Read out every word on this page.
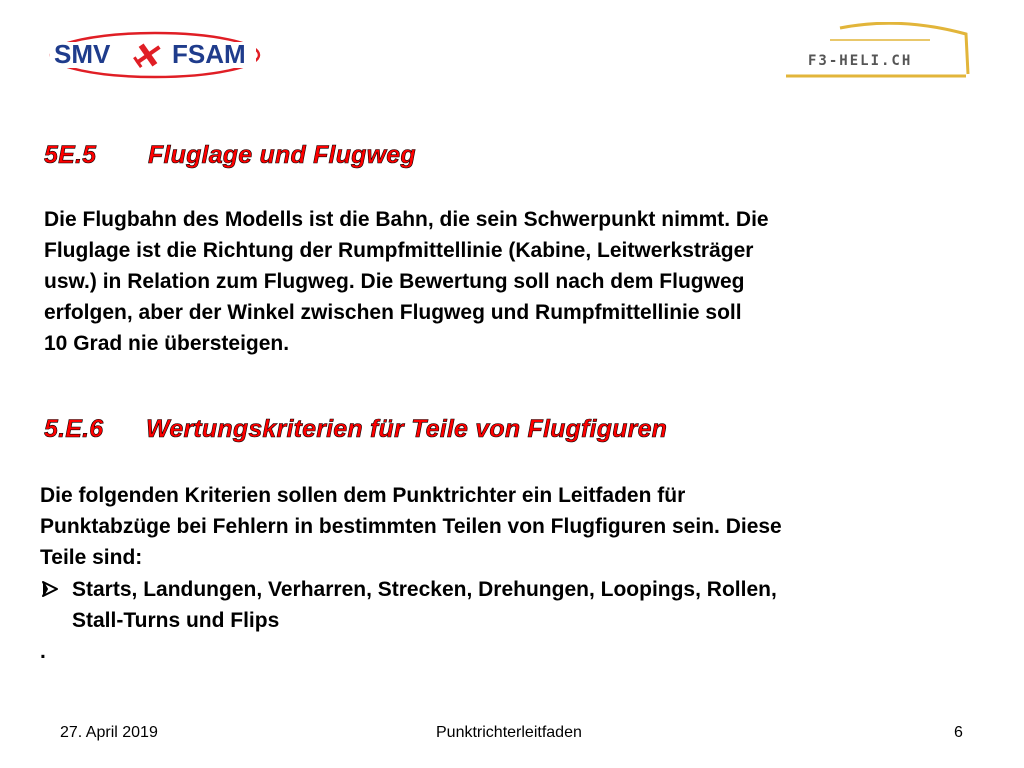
SMV FSAM	F3-HELI.CH
5E.5 Fluglage und Flugweg
Die Flugbahn des Modells ist die Bahn, die sein Schwerpunkt nimmt. Die
Fluglage ist die Richtung der Rumpfmittellinie (Kabine, Leitwerksträger
usw.) in Relation zum Flugweg. Die Bewertung soll nach dem Flugweg
erfolgen, aber der Winkel zwischen Flugweg und Rumpfmittellinie soll
10 Grad nie übersteigen.
5.E.6 Wertungskriterien für Teile von Flugfiguren
Die folgenden Kriterien sollen dem Punktrichter ein Leitfaden für
Punktabzüge bei Fehlern in bestimmten Teilen von Flugfiguren sein. Diese
Teile sind:
Starts, Landungen, Verharren, Strecken, Drehungen, Loopings, Rollen,
Stall-Turns und Flips
.
27. April 2019	Punktrichterleitfaden	6
